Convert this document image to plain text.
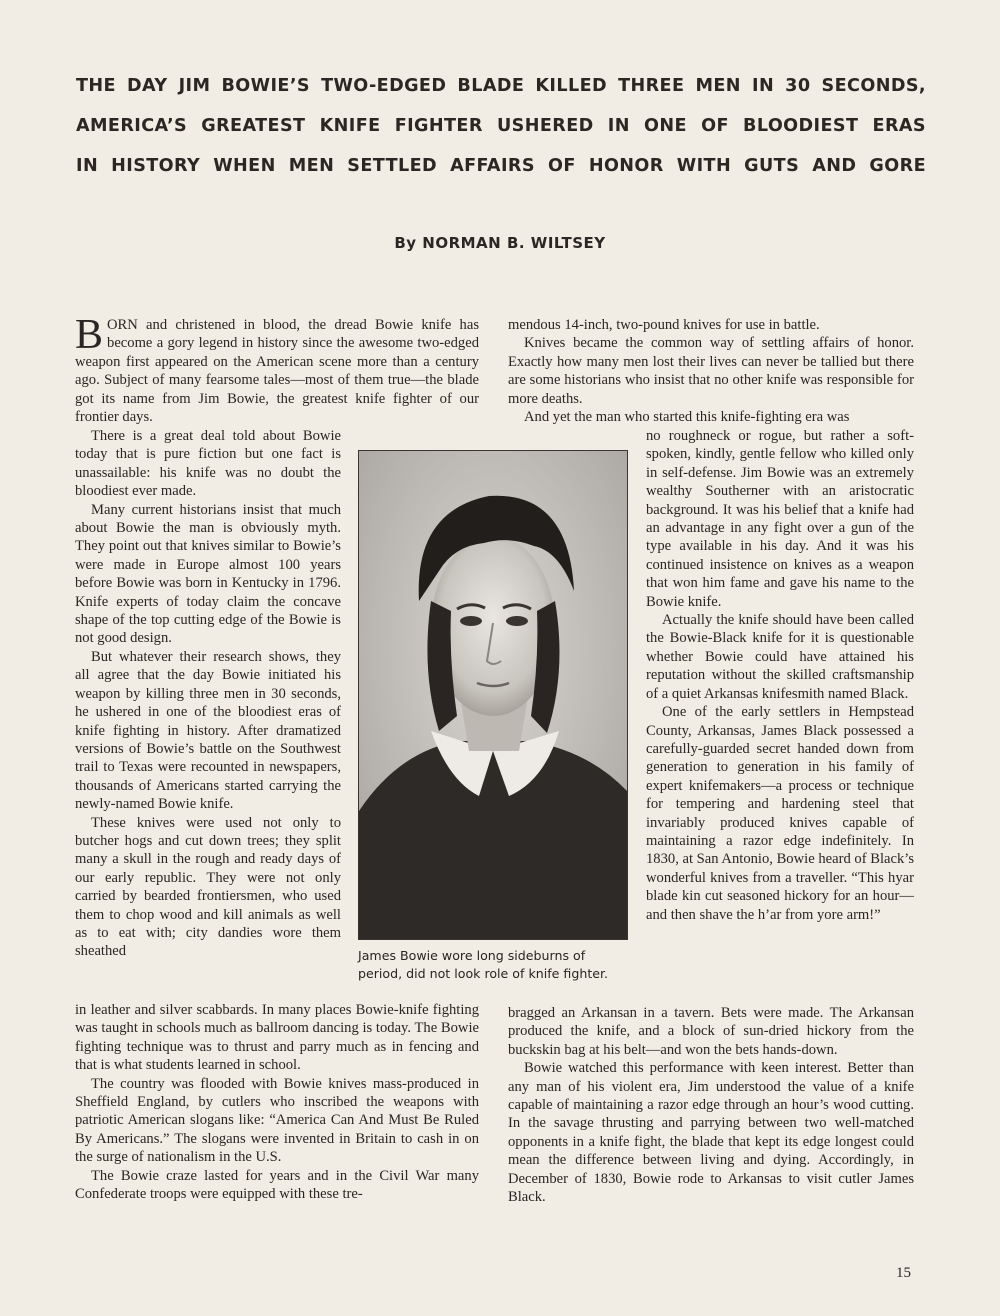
THE DAY JIM BOWIE’S TWO-EDGED BLADE KILLED THREE MEN IN 30 SECONDS,
AMERICA’S GREATEST KNIFE FIGHTER USHERED IN ONE OF BLOODIEST ERAS
IN HISTORY WHEN MEN SETTLED AFFAIRS OF HONOR WITH GUTS AND GORE
By NORMAN B. WILTSEY

BORN and christened in blood, the dread Bowie knife has become a gory legend in history since the awesome two-edged weapon first appeared on the American scene more than a century ago. Subject of many fearsome tales—most of them true—the blade got its name from Jim Bowie, the greatest knife fighter of our frontier days.

There is a great deal told about Bowie today that is pure fiction but one fact is unassailable: his knife was no doubt the bloodiest ever made.

Many current historians insist that much about Bowie the man is obviously myth. They point out that knives similar to Bowie’s were made in Europe almost 100 years before Bowie was born in Kentucky in 1796. Knife experts of today claim the concave shape of the top cutting edge of the Bowie is not good design.

But whatever their research shows, they all agree that the day Bowie initiated his weapon by killing three men in 30 seconds, he ushered in one of the bloodiest eras of knife fighting in history. After dramatized versions of Bowie’s battle on the Southwest trail to Texas were recounted in newspapers, thousands of Americans started carrying the newly-named Bowie knife.

These knives were used not only to butcher hogs and cut down trees; they split many a skull in the rough and ready days of our early republic. They were not only carried by bearded frontiersmen, who used them to chop wood and kill animals as well as to eat with; city dandies wore them sheathed

in leather and silver scabbards. In many places Bowie-knife fighting was taught in schools much as ballroom dancing is today. The Bowie fighting technique was to thrust and parry much as in fencing and that is what students learned in school.

The country was flooded with Bowie knives mass-produced in Sheffield England, by cutlers who inscribed the weapons with patriotic American slogans like: “America Can And Must Be Ruled By Americans.” The slogans were invented in Britain to cash in on the surge of nationalism in the U.S.

The Bowie craze lasted for years and in the Civil War many Confederate troops were equipped with these tre-

mendous 14-inch, two-pound knives for use in battle.

Knives became the common way of settling affairs of honor. Exactly how many men lost their lives can never be tallied but there are some historians who insist that no other knife was responsible for more deaths.

And yet the man who started this knife-fighting era was

no roughneck or rogue, but rather a soft-spoken, kindly, gentle fellow who killed only in self-defense. Jim Bowie was an extremely wealthy Southerner with an aristocratic background. It was his belief that a knife had an advantage in any fight over a gun of the type available in his day. And it was his continued insistence on knives as a weapon that won him fame and gave his name to the Bowie knife.

Actually the knife should have been called the Bowie-Black knife for it is questionable whether Bowie could have attained his reputation without the skilled craftsmanship of a quiet Arkansas knifesmith named Black.

One of the early settlers in Hempstead County, Arkansas, James Black possessed a carefully-guarded secret handed down from generation to generation in his family of expert knifemakers—a process or technique for tempering and hardening steel that invariably produced knives capable of maintaining a razor edge indefinitely. In 1830, at San Antonio, Bowie heard of Black’s wonderful knives from a traveller. “This hyar blade kin cut seasoned hickory for an hour—and then shave the h’ar from yore arm!”

bragged an Arkansan in a tavern. Bets were made. The Arkansan produced the knife, and a block of sun-dried hickory from the buckskin bag at his belt—and won the bets hands-down.

Bowie watched this performance with keen interest. Better than any man of his violent era, Jim understood the value of a knife capable of maintaining a razor edge through an hour’s wood cutting. In the savage thrusting and parrying between two well-matched opponents in a knife fight, the blade that kept its edge longest could mean the difference between living and dying. Accordingly, in December of 1830, Bowie rode to Arkansas to visit cutler James Black.

James Bowie wore long sideburns of
period, did not look role of knife fighter.
15
